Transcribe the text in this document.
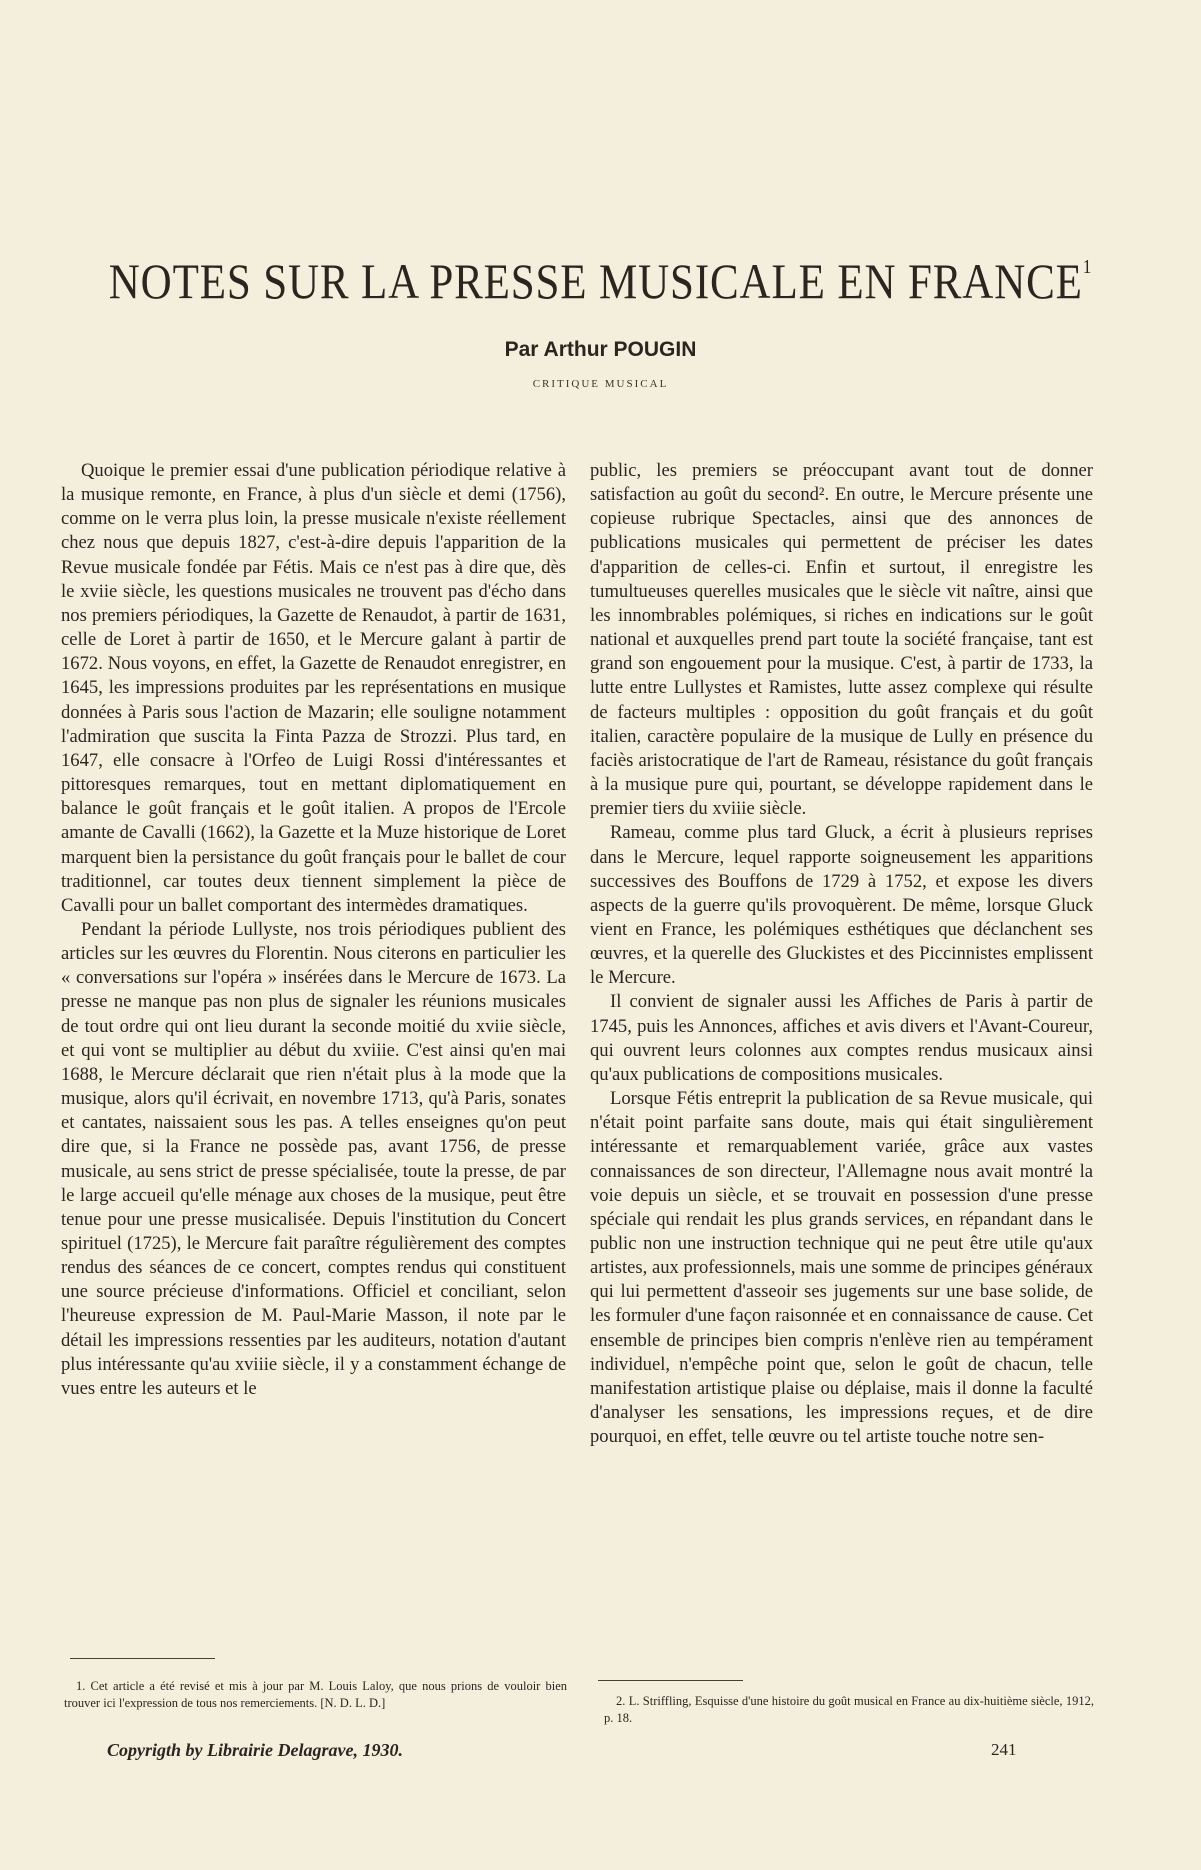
NOTES SUR LA PRESSE MUSICALE EN FRANCE$^1$
Par Arthur POUGIN
CRITIQUE MUSICAL

Quoique le premier essai d'une publication périodique relative à la musique remonte, en France, à plus d'un siècle et demi (1756), comme on le verra plus loin, la presse musicale n'existe réellement chez nous que depuis 1827, c'est-à-dire depuis l'apparition de la Revue musicale fondée par Fétis. Mais ce n'est pas à dire que, dès le xviie siècle, les questions musicales ne trouvent pas d'écho dans nos premiers périodiques, la Gazette de Renaudot, à partir de 1631, celle de Loret à partir de 1650, et le Mercure galant à partir de 1672. Nous voyons, en effet, la Gazette de Renaudot enregistrer, en 1645, les impressions produites par les représentations en musique données à Paris sous l'action de Mazarin; elle souligne notamment l'admiration que suscita la Finta Pazza de Strozzi. Plus tard, en 1647, elle consacre à l'Orfeo de Luigi Rossi d'intéressantes et pittoresques remarques, tout en mettant diplomatiquement en balance le goût français et le goût italien. A propos de l'Ercole amante de Cavalli (1662), la Gazette et la Muze historique de Loret marquent bien la persistance du goût français pour le ballet de cour traditionnel, car toutes deux tiennent simplement la pièce de Cavalli pour un ballet comportant des intermèdes dramatiques.

Pendant la période Lullyste, nos trois périodiques publient des articles sur les œuvres du Florentin. Nous citerons en particulier les « conversations sur l'opéra » insérées dans le Mercure de 1673. La presse ne manque pas non plus de signaler les réunions musicales de tout ordre qui ont lieu durant la seconde moitié du xviie siècle, et qui vont se multiplier au début du xviiie. C'est ainsi qu'en mai 1688, le Mercure déclarait que rien n'était plus à la mode que la musique, alors qu'il écrivait, en novembre 1713, qu'à Paris, sonates et cantates, naissaient sous les pas. A telles enseignes qu'on peut dire que, si la France ne possède pas, avant 1756, de presse musicale, au sens strict de presse spécialisée, toute la presse, de par le large accueil qu'elle ménage aux choses de la musique, peut être tenue pour une presse musicalisée. Depuis l'institution du Concert spirituel (1725), le Mercure fait paraître régulièrement des comptes rendus des séances de ce concert, comptes rendus qui constituent une source précieuse d'informations. Officiel et conciliant, selon l'heureuse expression de M. Paul-Marie Masson, il note par le détail les impressions ressenties par les auditeurs, notation d'autant plus intéressante qu'au xviiie siècle, il y a constamment échange de vues entre les auteurs et le

public, les premiers se préoccupant avant tout de donner satisfaction au goût du second². En outre, le Mercure présente une copieuse rubrique Spectacles, ainsi que des annonces de publications musicales qui permettent de préciser les dates d'apparition de celles-ci. Enfin et surtout, il enregistre les tumultueuses querelles musicales que le siècle vit naître, ainsi que les innombrables polémiques, si riches en indications sur le goût national et auxquelles prend part toute la société française, tant est grand son engouement pour la musique. C'est, à partir de 1733, la lutte entre Lullystes et Ramistes, lutte assez complexe qui résulte de facteurs multiples : opposition du goût français et du goût italien, caractère populaire de la musique de Lully en présence du faciès aristocratique de l'art de Rameau, résistance du goût français à la musique pure qui, pourtant, se développe rapidement dans le premier tiers du xviiie siècle.

Rameau, comme plus tard Gluck, a écrit à plusieurs reprises dans le Mercure, lequel rapporte soigneusement les apparitions successives des Bouffons de 1729 à 1752, et expose les divers aspects de la guerre qu'ils provoquèrent. De même, lorsque Gluck vient en France, les polémiques esthétiques que déclanchent ses œuvres, et la querelle des Gluckistes et des Piccinnistes emplissent le Mercure.

Il convient de signaler aussi les Affiches de Paris à partir de 1745, puis les Annonces, affiches et avis divers et l'Avant-Coureur, qui ouvrent leurs colonnes aux comptes rendus musicaux ainsi qu'aux publications de compositions musicales.

Lorsque Fétis entreprit la publication de sa Revue musicale, qui n'était point parfaite sans doute, mais qui était singulièrement intéressante et remarquablement variée, grâce aux vastes connaissances de son directeur, l'Allemagne nous avait montré la voie depuis un siècle, et se trouvait en possession d'une presse spéciale qui rendait les plus grands services, en répandant dans le public non une instruction technique qui ne peut être utile qu'aux artistes, aux professionnels, mais une somme de principes généraux qui lui permettent d'asseoir ses jugements sur une base solide, de les formuler d'une façon raisonnée et en connaissance de cause. Cet ensemble de principes bien compris n'enlève rien au tempérament individuel, n'empêche point que, selon le goût de chacun, telle manifestation artistique plaise ou déplaise, mais il donne la faculté d'analyser les sensations, les impressions reçues, et de dire pourquoi, en effet, telle œuvre ou tel artiste touche notre sen-

1. Cet article a été revisé et mis à jour par M. Louis Laloy, que nous prions de vouloir bien trouver ici l'expression de tous nos remerciements. [N. D. L. D.]	2. L. Striffling, Esquisse d'une histoire du goût musical en France au dix-huitième siècle, 1912, p. 18.

Copyrigth by Librairie Delagrave, 1930.	241
